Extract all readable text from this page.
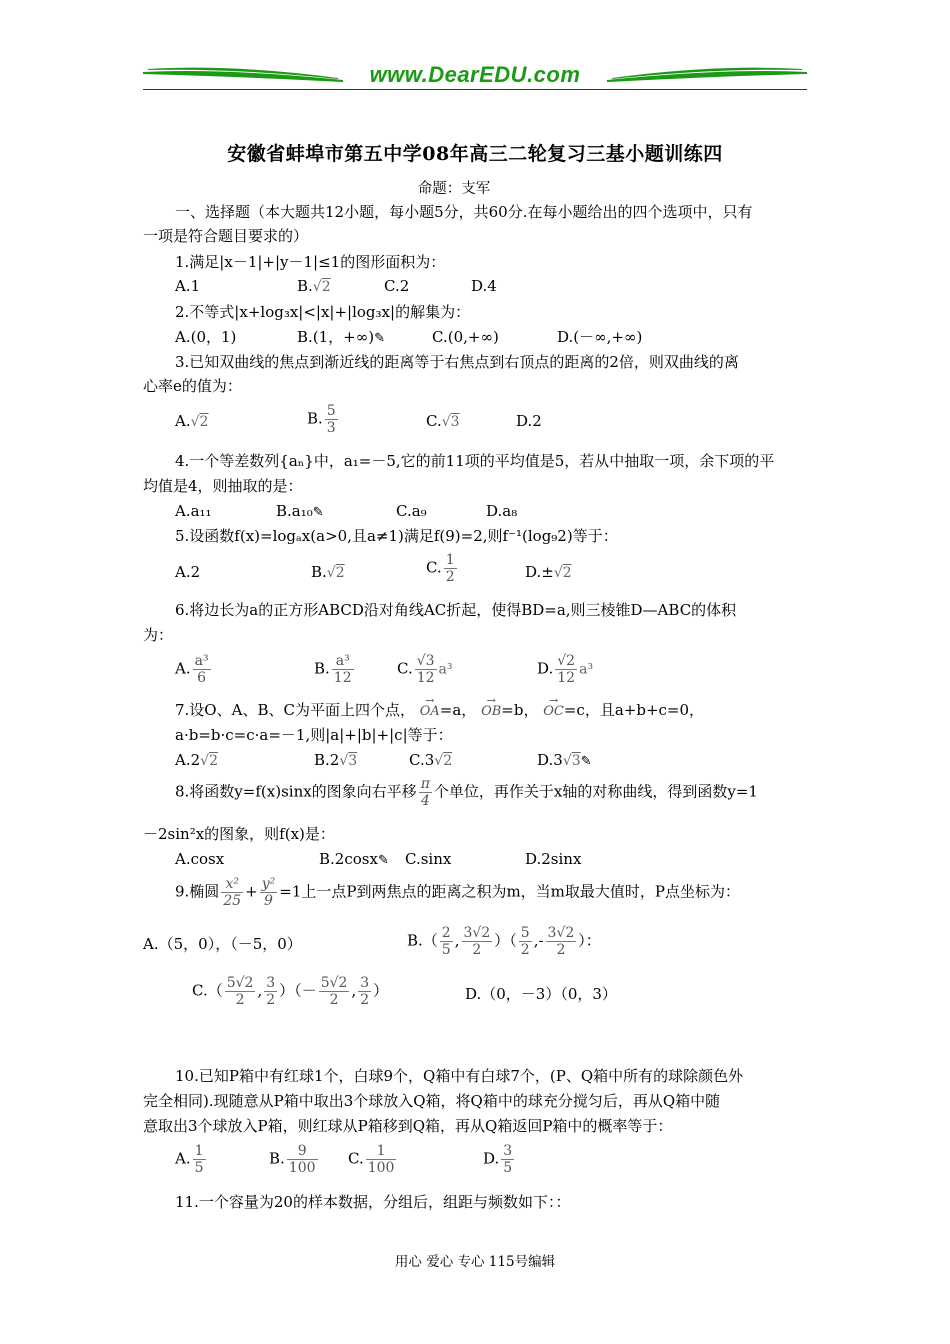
www.DearEDU.com
安徽省蚌埠市第五中学08年高三二轮复习三基小题训练四
命题：支军
一、选择题（本大题共12小题，每小题5分，共60分.在每小题给出的四个选项中，只有
一项是符合题目要求的）
1.满足|x－1|+|y－1|≤1的图形面积为：
A.1	B.√2	C.2	D.4
2.不等式|x+log₃x|<|x|+|log₃x|的解集为：
A.(0，1)	B.(1，+∞)✎	C.(0,+∞)	D.(－∞,+∞)
3.已知双曲线的焦点到渐近线的距离等于右焦点到右顶点的距离的2倍，则双曲线的离
心率e的值为：
A.√2	B. $\frac{5}{3}$	C.√3	D.2
4.一个等差数列{aₙ}中，a₁=－5,它的前11项的平均值是5，若从中抽取一项，余下项的平
均值是4，则抽取的是：
A.a₁₁	B.a₁₀✎	C.a₉	D.a₈
5.设函数f(x)=logₐx(a>0,且a≠1)满足f(9)=2,则f⁻¹(log₉2)等于：
A.2	B.√2	C. $\frac{1}{2}$	D.±√2
6.将边长为a的正方形ABCD沿对角线AC折起，使得BD=a,则三棱锥D—ABC的体积
为：
A. $\frac{\text{a³}}{6}$	B. $\frac{\text{a³}}{12}$	C. $\frac{√3}{12} a^3$	D. $\frac{√2}{12} a^3$
7.设O、A、B、C为平面上四个点， → OA=a， → OB=b， → OC=c，且a+b+c=0，
a·b=b·c=c·a=－1,则|a|+|b|+|c|等于：
A.2√2	B.2√3	C.3√2	D.3√3✎
8.将函数y=f(x)sinx的图象向右平移 $\frac{\pi}{4}$ 个单位，再作关于x轴的对称曲线，得到函数y=1
－2sin²x的图象，则f(x)是：
A.cosx	B.2cosx✎ C.sinx	D.2sinx
9.椭圆 $\frac{\text{x²}}{25} + \frac{\text{y²}}{9} =1$上一点P到两焦点的距离之积为m，当m取最大值时，P点坐标为：
A.（5，0），（－5，0）	$B.( \frac{2}{5}$ , $\frac{3√2}{2}$ ）（ $\frac{5}{2}$ ,- $\frac{3√2}{2}$ ）：
$C.( \frac{5√2}{2}$ , $\frac{3}{2}$ ）（－ $\frac{5√2}{2}$ , $\frac{3}{2}$ ）	D.（0，－3）（0，3）
10.已知P箱中有红球1个，白球9个，Q箱中有白球7个，(P、Q箱中所有的球除颜色外
完全相同).现随意从P箱中取出3个球放入Q箱，将Q箱中的球充分搅匀后，再从Q箱中随
意取出3个球放入P箱，则红球从P箱移到Q箱，再从Q箱返回P箱中的概率等于：
A. $\frac{1}{5}$	B. $\frac{9}{100} C$. $\frac{1}{100}$	D. $\frac{3}{5}$
11.一个容量为20的样本数据，分组后，组距与频数如下：：
用心 爱心 专心 115号编辑
